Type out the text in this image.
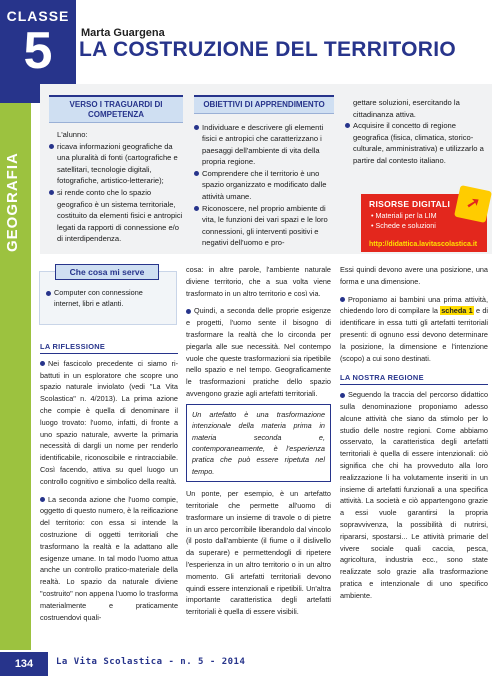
CLASSE
5
GEOGRAFIA
Marta Guargena
LA COSTRUZIONE DEL TERRITORIO
VERSO I TRAGUARDI DI COMPETENZA
L'alunno:
ricava informazioni geografiche da una pluralità di fonti (cartografiche e satellitari, tecnologie digitali, fotografiche, artistico-letterarie);
si rende conto che lo spazio geografico è un sistema territoriale, costituito da elementi fisici e antropici legati da rapporti di connessione e/o di interdipendenza.
OBIETTIVI DI APPRENDIMENTO
Individuare e descrivere gli elementi fisici e antropici che caratterizzano i paesaggi dell'ambiente di vita della propria regione.
Comprendere che il territorio è uno spazio organizzato e modificato dalle attività umane.
Riconoscere, nel proprio ambiente di vita, le funzioni dei vari spazi e le loro connessioni, gli interventi positivi e negativi dell'uomo e pro-
gettare soluzioni, esercitando la cittadinanza attiva.
Acquisire il concetto di regione geografica (fisica, climatica, storico-culturale, amministrativa) e utilizzarlo a partire dal contesto italiano.
➚
RISORSE DIGITALI
• Materiali per la LIM
• Schede e soluzioni
http://didattica.lavitascolastica.it
Che cosa mi serve
Computer con connessione internet, libri e atlanti.
LA RIFLESSIONE

Nei fascicolo precedente ci siamo ri-battuti in un esploratore che scopre uno spazio naturale inviolato (vedi "La Vita Scolastica" n. 4/2013). La prima azione che compie è quella di denominare il luogo trovato: l'uomo, infatti, di fronte a uno spazio naturale, avverte la primaria necessità di dargli un nome per renderlo identificabile, riconoscibile e rintracciabile. Così facendo, attiva su quel luogo un controllo cognitivo e simbolico della realtà.

La seconda azione che l'uomo compie, oggetto di questo numero, è la reificazione del territorio: con essa si intende la costruzione di oggetti territoriali che trasformano la realtà e la adattano alle esigenze umane. In tal modo l'uomo attua anche un controllo pratico-materiale della realtà. Lo spazio da naturale diviene "costruito" non appena l'uomo lo trasforma materialmente e praticamente costruendovi quali-

cosa: in altre parole, l'ambiente naturale diviene territorio, che a sua volta viene trasformato in un altro territorio e così via.

Quindi, a seconda delle proprie esigenze e progetti, l'uomo sente il bisogno di trasformare la realtà che lo circonda per piegarla alle sue necessità. Nel contempo vuole che queste trasformazioni sia ripetibile nello spazio e nel tempo. Geograficamente le trasformazioni pratiche dello spazio avvengono grazie agli artefatti territoriali.

Un artefatto è una trasformazione intenzionale della materia prima in materia seconda e, contemporaneamente, è l'esperienza pratica che può essere ripetuta nel tempo.

Un ponte, per esempio, è un artefatto territoriale che permette all'uomo di trasformare un insieme di travole o di pietre in un arco percorribile liberandolo dal vincolo (il posto dall'ambiente (il fiume o il dislivello da superare) e permettendogli di ripetere l'esperienza in un altro territorio o in un altro momento. Gli artefatti territoriali devono quindi essere intenzionali e ripetibili. Un'altra importante caratteristica degli artefatti territoriali è quella di essere visibili.

Essi quindi devono avere una posizione, una forma e una dimensione.

Proponiamo ai bambini una prima attività, chiedendo loro di compilare la scheda 1 e di identificare in essa tutti gli artefatti territoriali presenti: di ognuno essi devono determinare la posizione, la dimensione e l'intenzione (scopo) a cui sono destinati.

LA NOSTRA REGIONE

Seguendo la traccia del percorso didattico sulla denominazione proponiamo adesso alcune attività che siano da stimolo per lo studio delle nostre regioni. Come abbiamo osservato, la caratteristica degli artefatti territoriali è quella di essere intenzionali: ciò significa che chi ha provveduto alla loro realizzazione li ha volutamente inseriti in un insieme di artefatti funzionali a una specifica attività. La società e ciò appartengono grazie a essi vuole garantirsi la propria sopravvivenza, la possibilità di nutrirsi, ripararsi, spostarsi... Le attività primarie del vivere sociale quali caccia, pesca, agricoltura, industria ecc., sono state realizzate solo grazie alla trasformazione pratica e intenzionale di uno specifico ambiente.

134	La Vita Scolastica - n. 5 - 2014
